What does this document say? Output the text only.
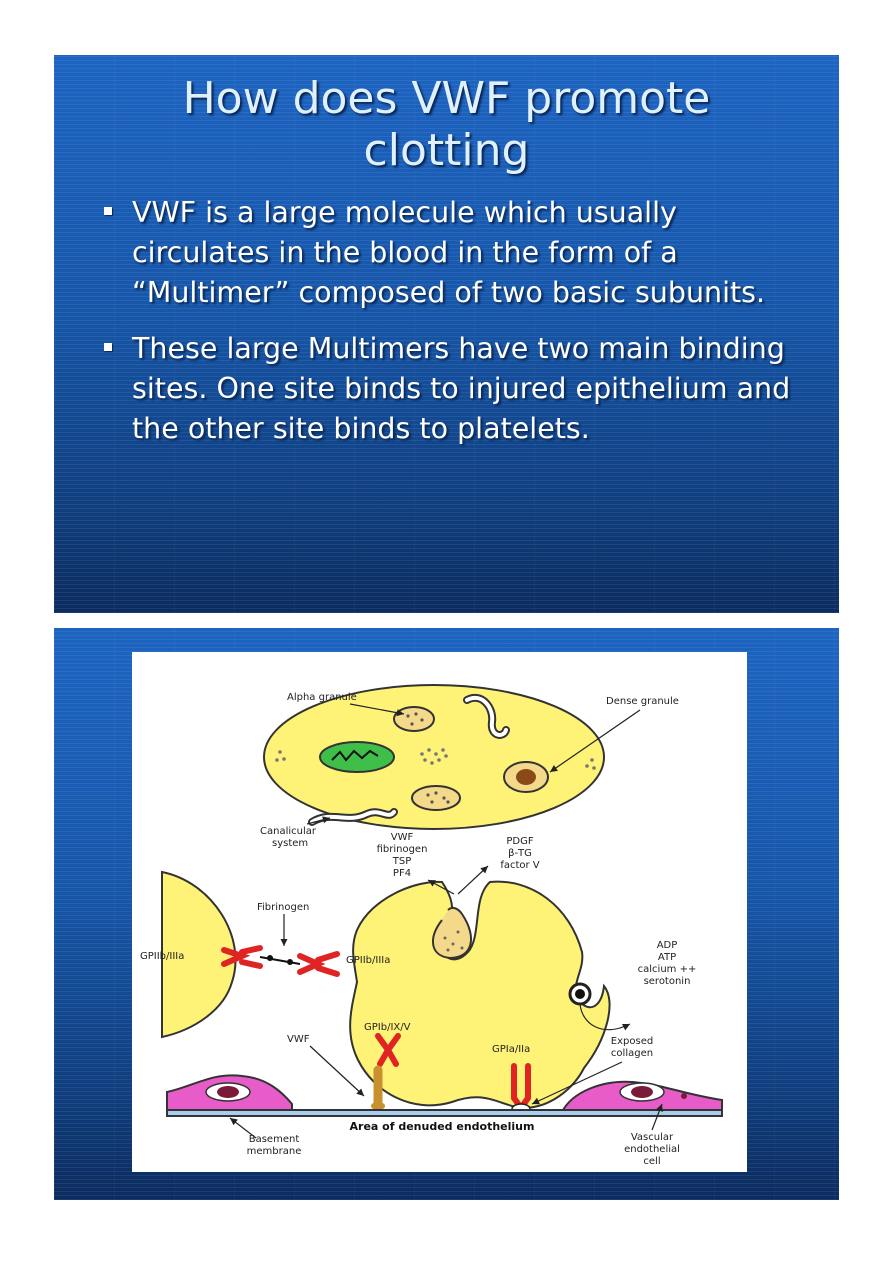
How does VWF promote
clotting
VWF is a large molecule which usually circulates in the blood in the form of a “Multimer” composed of two basic subunits.
These large Multimers have two main binding sites. One site binds to injured epithelium and the other site binds to platelets.
Alpha granule	Dense granule
Canalicular
system
VWF
fibrinogen
TSP
PF4
PDGF
β-TG
factor V
Fibrinogen
GPIIb/IIIa	GPIIb/IIIa
ADP
ATP
calcium ++
serotonin
GPIb/IX/V
VWF
GPIa/IIa
Exposed
collagen
Area of denuded endothelium
Basement
membrane
Vascular
endothelial
cell
